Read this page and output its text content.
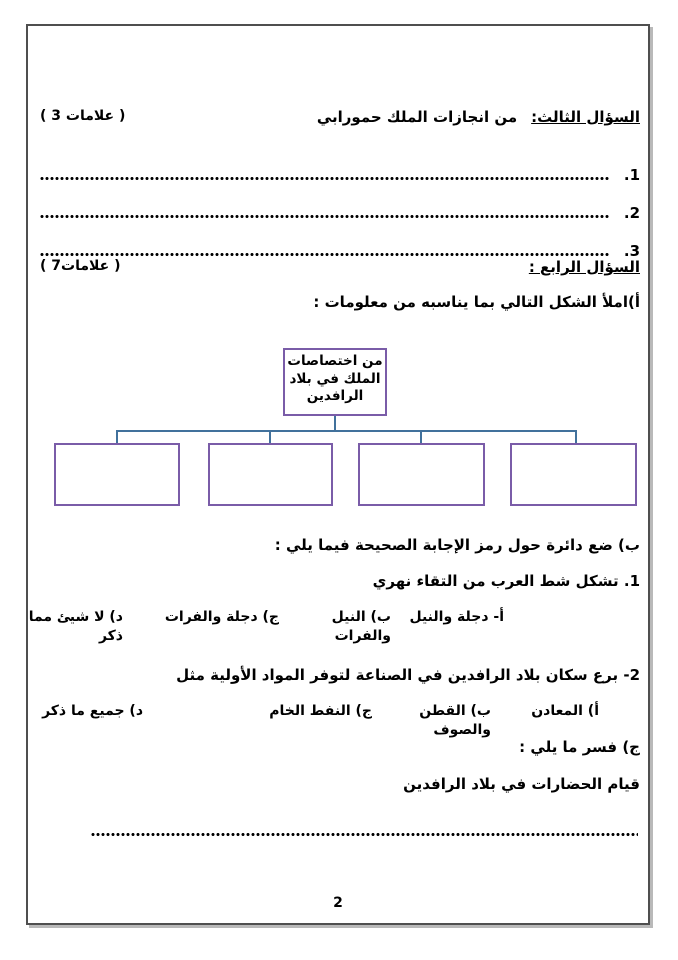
السؤال الثالث:
من انجازات الملك حمورابي
( 3 علامات )
1.
2.
3.
السؤال الرابع :
( 7علامات )
أ)املأ الشكل التالي بما يناسبه من معلومات :
من اختصاصات الملك في بلاد الرافدين
ب) ضع دائرة حول رمز الإجابة الصحيحة فيما يلي :
1. تشكل شط العرب من التقاء نهري
أ- دجلة والنيل
ب) النيل والفرات
ج) دجلة والفرات
د) لا شيئ مما ذكر
2- برع سكان بلاد الرافدين في الصناعة لتوفر المواد الأولية مثل
أ) المعادن
ب) القطن والصوف
ج) النفط الخام
د) جميع ما ذكر
ج) فسر ما يلي :
قيام الحضارات في بلاد الرافدين
2
